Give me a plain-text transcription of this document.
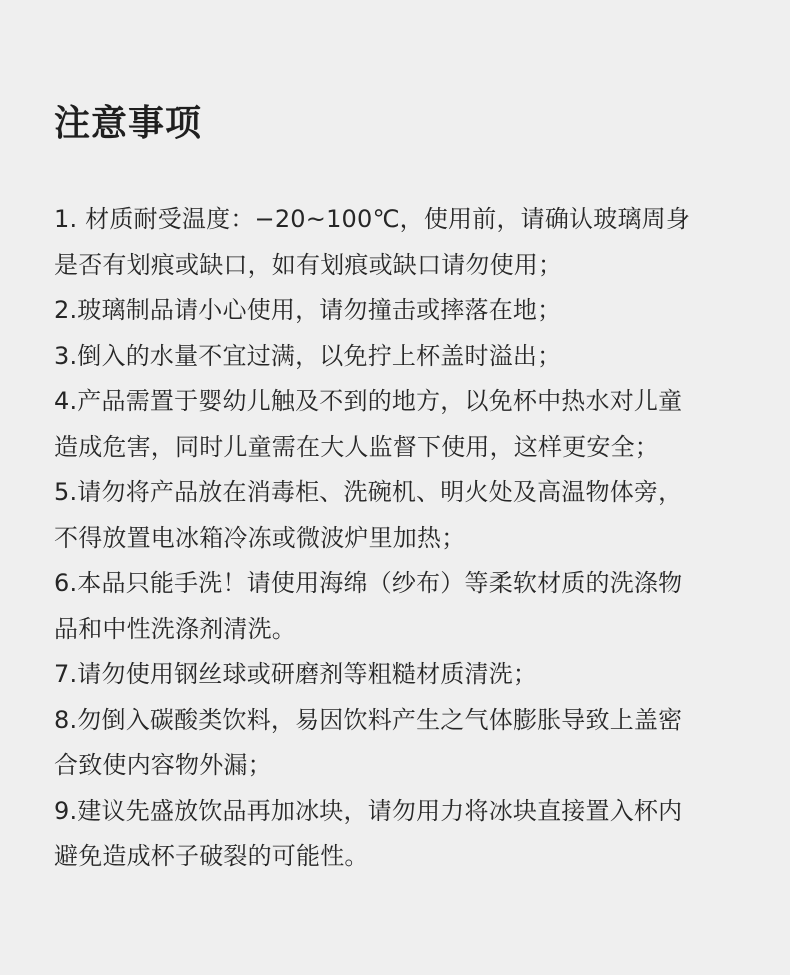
注意事项
1. 材质耐受温度：−20~100℃，使用前，请确认玻璃周身
是否有划痕或缺口，如有划痕或缺口请勿使用；
2.玻璃制品请小心使用，请勿撞击或摔落在地；
3.倒入的水量不宜过满，以免拧上杯盖时溢出；
4.产品需置于婴幼儿触及不到的地方，以免杯中热水对儿童
造成危害，同时儿童需在大人监督下使用，这样更安全；
5.请勿将产品放在消毒柜、洗碗机、明火处及高温物体旁，
不得放置电冰箱冷冻或微波炉里加热；
6.本品只能手洗！请使用海绵（纱布）等柔软材质的洗涤物
品和中性洗涤剂清洗。
7.请勿使用钢丝球或研磨剂等粗糙材质清洗；
8.勿倒入碳酸类饮料，易因饮料产生之气体膨胀导致上盖密
合致使内容物外漏；
9.建议先盛放饮品再加冰块，请勿用力将冰块直接置入杯内
避免造成杯子破裂的可能性。
